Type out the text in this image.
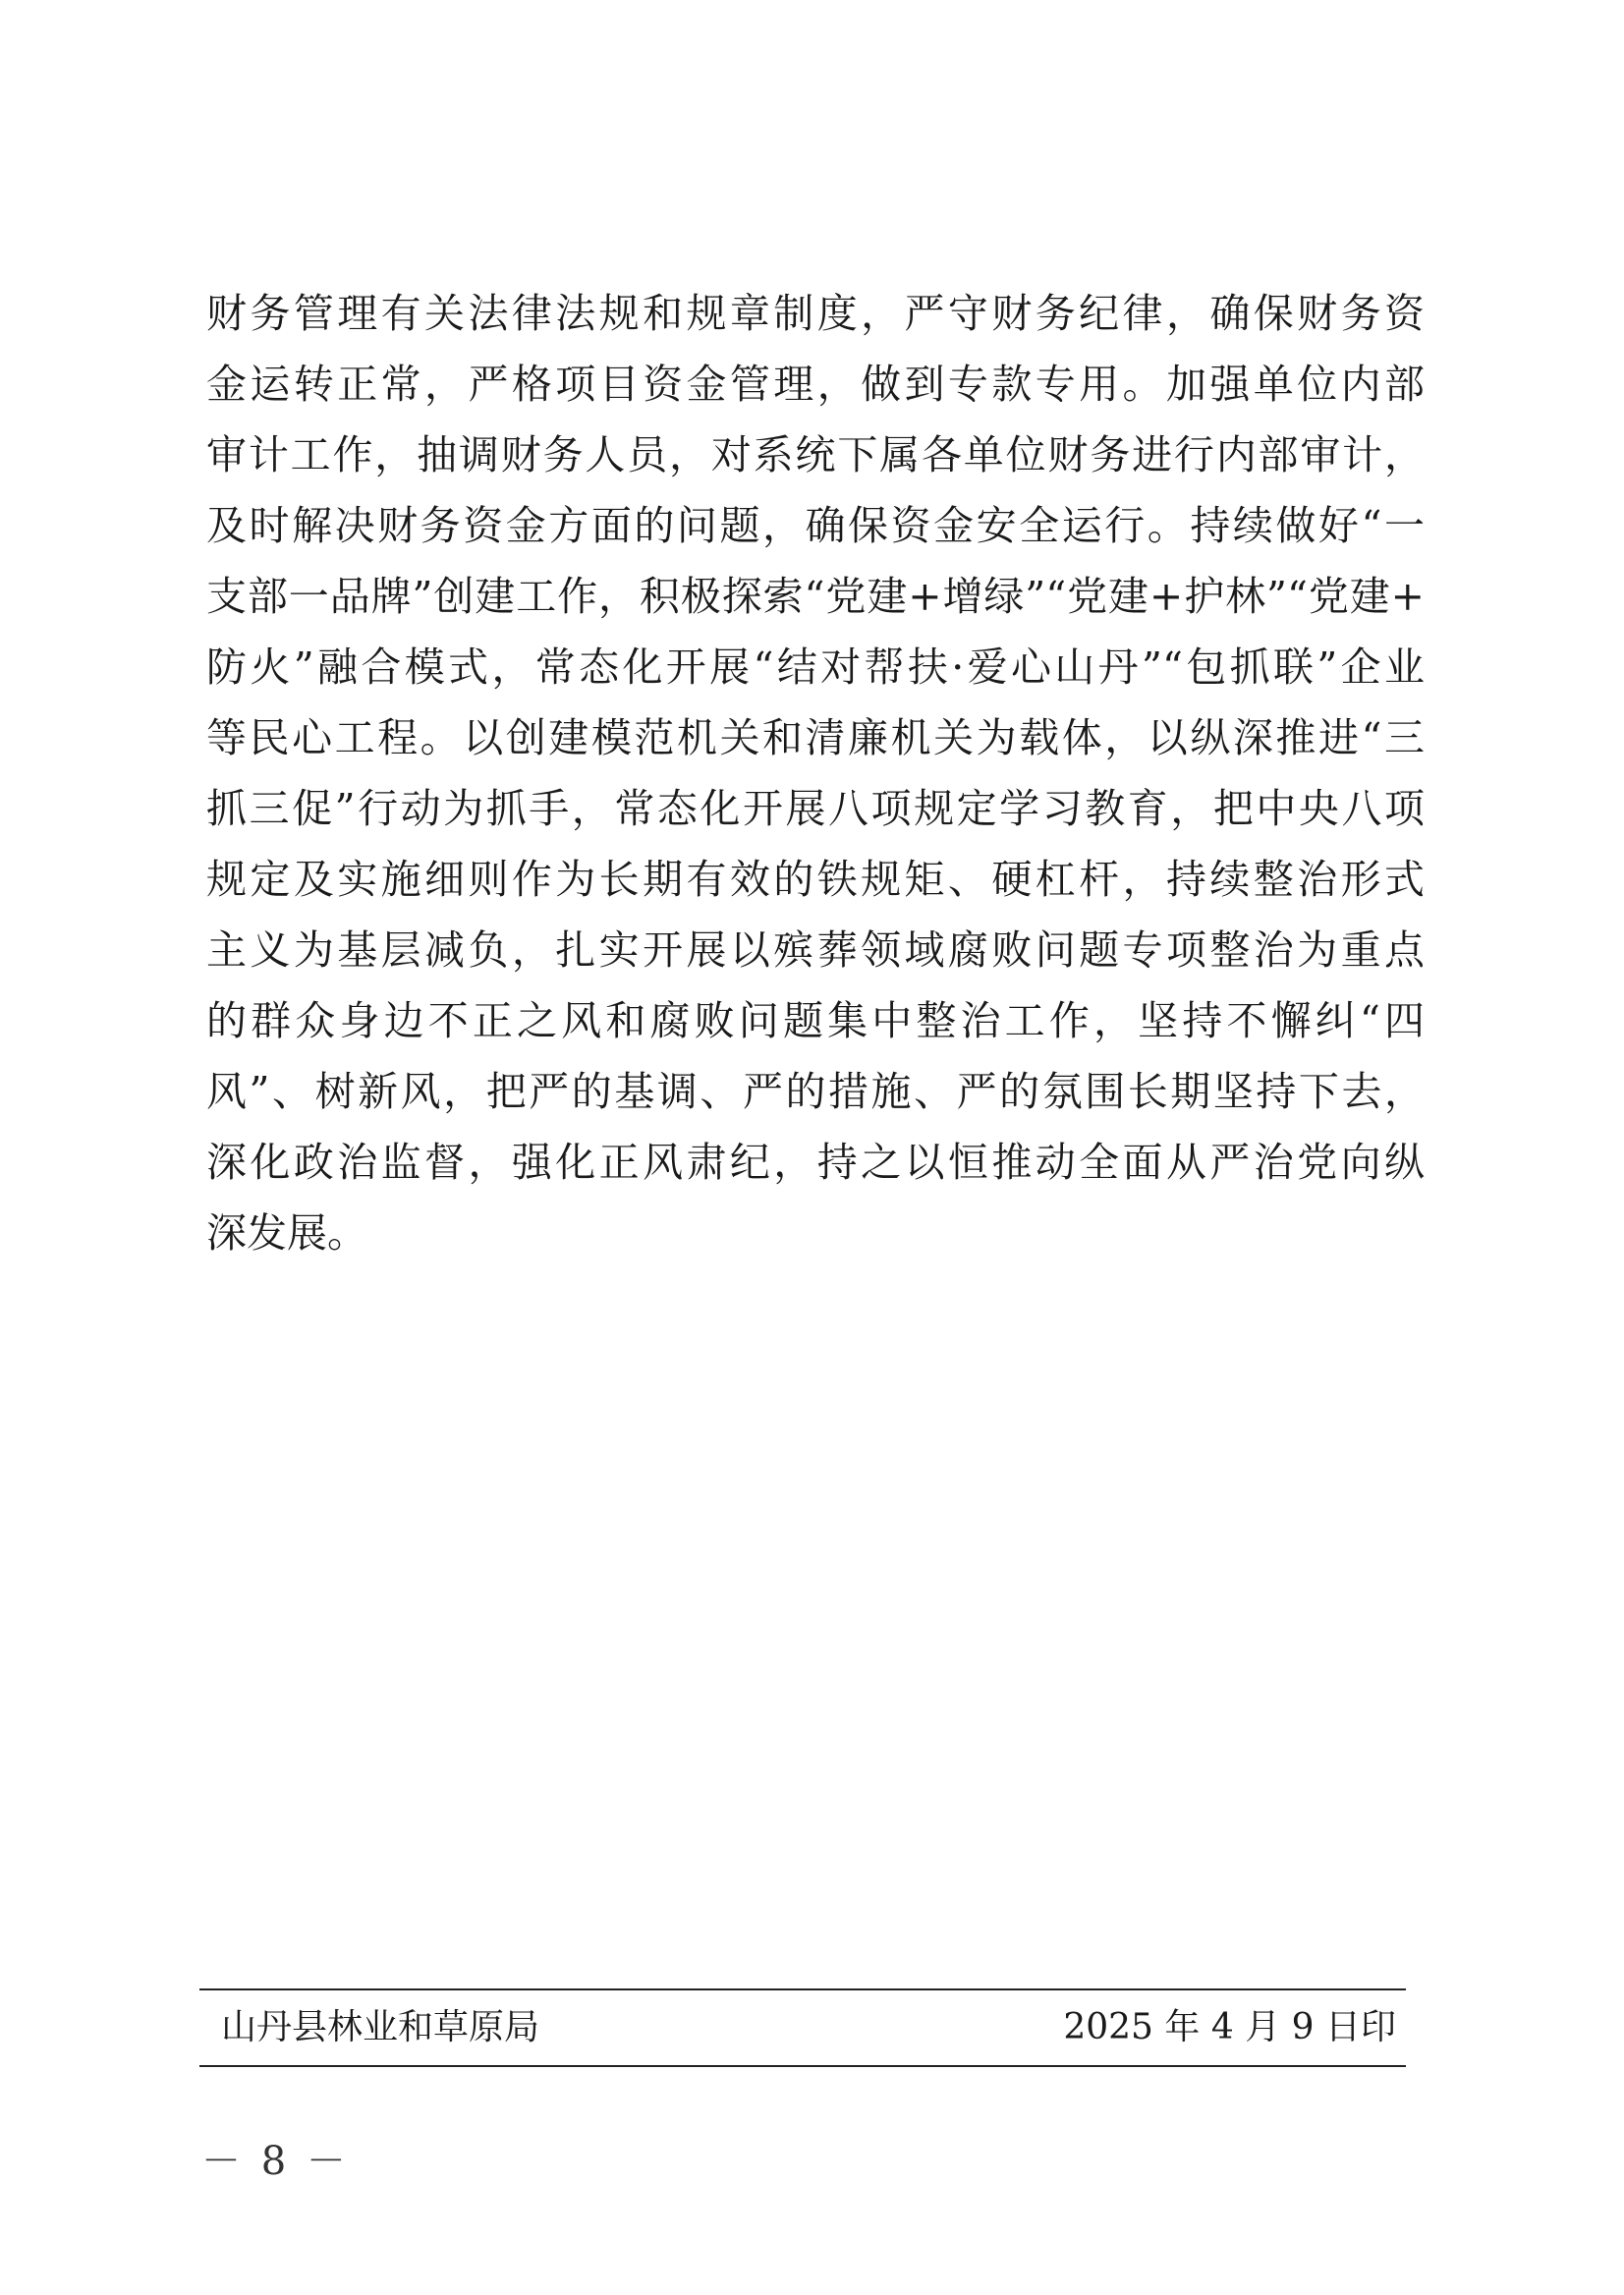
财务管理有关法律法规和规章制度，严守财务纪律，确保财务资
金运转正常，严格项目资金管理，做到专款专用。加强单位内部
审计工作，抽调财务人员，对系统下属各单位财务进行内部审计，
及时解决财务资金方面的问题，确保资金安全运行。持续做好“一
支部一品牌”创建工作，积极探索“党建+增绿”“党建+护林”“党建+
防火”融合模式，常态化开展“结对帮扶·爱心山丹”“包抓联”企业
等民心工程。以创建模范机关和清廉机关为载体，以纵深推进“三
抓三促”行动为抓手，常态化开展八项规定学习教育，把中央八项
规定及实施细则作为长期有效的铁规矩、硬杠杆，持续整治形式
主义为基层减负，扎实开展以殡葬领域腐败问题专项整治为重点
的群众身边不正之风和腐败问题集中整治工作，坚持不懈纠“四
风”、树新风，把严的基调、严的措施、严的氛围长期坚持下去，
深化政治监督，强化正风肃纪，持之以恒推动全面从严治党向纵
深发展。
山丹县林业和草原局	2025 年 4 月 9 日印
－ 8 －
